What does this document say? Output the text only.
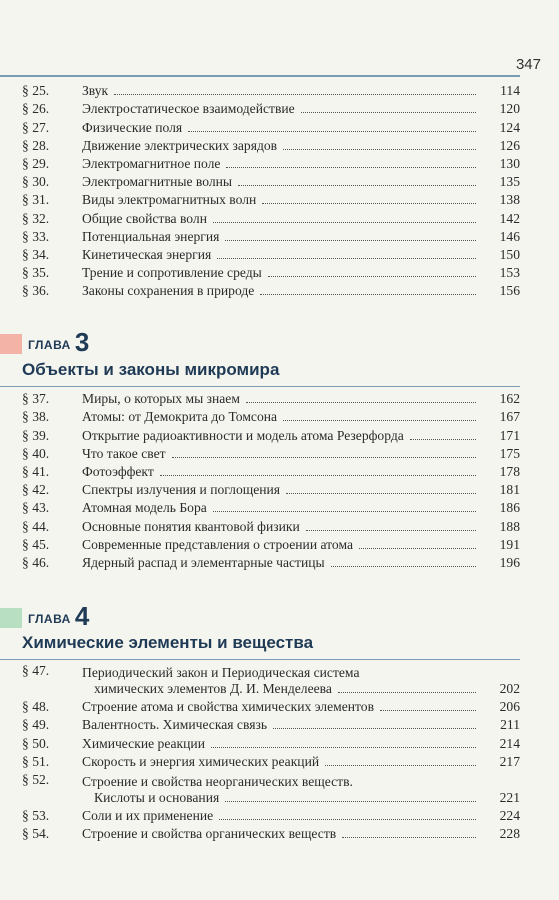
347
§ 25.	Звук	114
§ 26.	Электростатическое взаимодействие	120
§ 27.	Физические поля	124
§ 28.	Движение электрических зарядов	126
§ 29.	Электромагнитное поле	130
§ 30.	Электромагнитные волны	135
§ 31.	Виды электромагнитных волн	138
§ 32.	Общие свойства волн	142
§ 33.	Потенциальная энергия	146
§ 34.	Кинетическая энергия	150
§ 35.	Трение и сопротивление среды	153
§ 36.	Законы сохранения в природе	156
ГЛАВА 3
Объекты и законы микромира
§ 37.	Миры, о которых мы знаем	162
§ 38.	Атомы: от Демокрита до Томсона	167
§ 39.	Открытие радиоактивности и модель атома Резерфорда	171
§ 40.	Что такое свет	175
§ 41.	Фотоэффект	178
§ 42.	Спектры излучения и поглощения	181
§ 43.	Атомная модель Бора	186
§ 44.	Основные понятия квантовой физики	188
§ 45.	Современные представления о строении атома	191
§ 46.	Ядерный распад и элементарные частицы	196
ГЛАВА 4
Химические элементы и вещества
§ 47.	Периодический закон и Периодическая система
химических элементов Д. И. Менделеева	202
§ 48.	Строение атома и свойства химических элементов	206
§ 49.	Валентность. Химическая связь	211
§ 50.	Химические реакции	214
§ 51.	Скорость и энергия химических реакций	217
§ 52.	Строение и свойства неорганических веществ.
Кислоты и основания	221
§ 53.	Соли и их применение	224
§ 54.	Строение и свойства органических веществ	228
